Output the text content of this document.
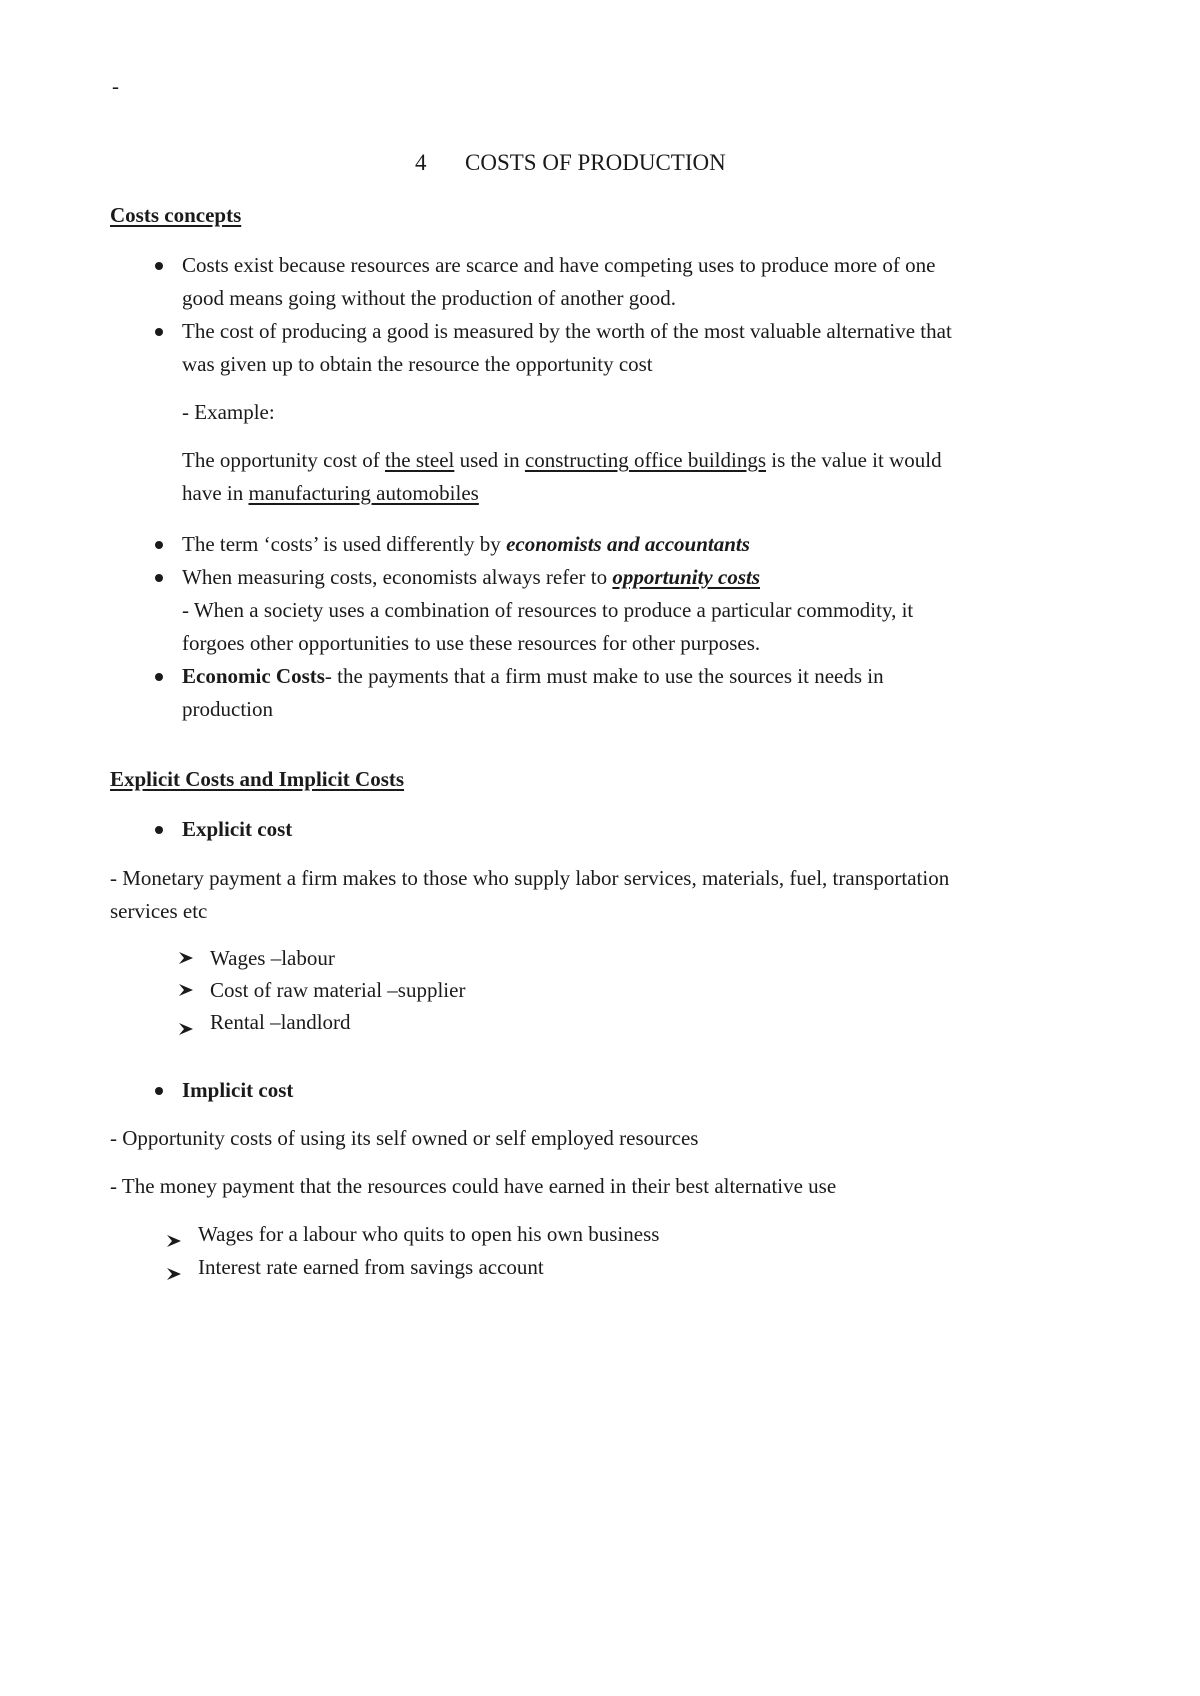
-
4 COSTS OF PRODUCTION
Costs concepts
Costs exist because resources are scarce and have competing uses to produce more of one
good means going without the production of another good.
The cost of producing a good is measured by the worth of the most valuable alternative that
was given up to obtain the resource the opportunity cost
- Example:
The opportunity cost of the steel used in constructing office buildings is the value it would
have in manufacturing automobiles
The term ‘costs’ is used differently by economists and accountants
When measuring costs, economists always refer to opportunity costs
- When a society uses a combination of resources to produce a particular commodity, it
forgoes other opportunities to use these resources for other purposes.
Economic Costs- the payments that a firm must make to use the sources it needs in
production
Explicit Costs and Implicit Costs
Explicit cost
- Monetary payment a firm makes to those who supply labor services, materials, fuel, transportation
services etc
Wages –labour
Cost of raw material –supplier
Rental –landlord
Implicit cost
- Opportunity costs of using its self owned or self employed resources
- The money payment that the resources could have earned in their best alternative use
Wages for a labour who quits to open his own business
Interest rate earned from savings account
